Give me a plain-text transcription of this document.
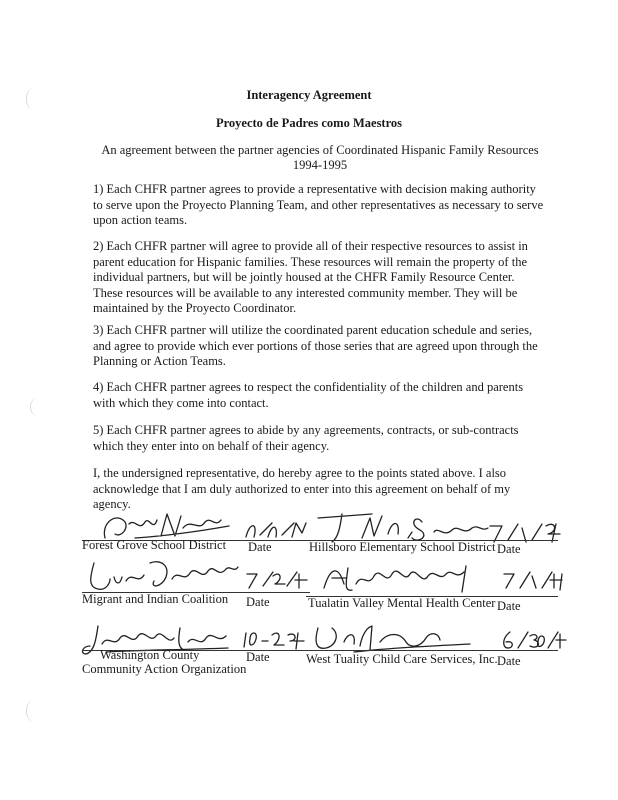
Interagency Agreement
Proyecto de Padres como Maestros
An agreement between the partner agencies of Coordinated Hispanic Family Resources
1994-1995
1) Each CHFR partner agrees to provide a representative with decision making authority
to serve upon the Proyecto Planning Team, and other representatives as necessary to serve
upon action teams.
2) Each CHFR partner will agree to provide all of their respective resources to assist in
parent education for Hispanic families. These resources will remain the property of the
individual partners, but will be jointly housed at the CHFR Family Resource Center.
These resources will be available to any interested community member. They will be
maintained by the Proyecto Coordinator.
3) Each CHFR partner will utilize the coordinated parent education schedule and series,
and agree to provide which ever portions of those series that are agreed upon through the
Planning or Action Teams.
4) Each CHFR partner agrees to respect the confidentiality of the children and parents
with which they come into contact.
5) Each CHFR partner agrees to abide by any agreements, contracts, or sub-contracts
which they enter into on behalf of their agency.
I, the undersigned representative, do hereby agree to the points stated above. I also
acknowledge that I am duly authorized to enter into this agreement on behalf of my
agency.
Forest Grove School District Date	Hillsboro Elementary School District Date
Migrant and Indian Coalition Date	Tualatin Valley Mental Health Center Date
Washington County
Community Action Organization
Date	West Tuality Child Care Services, Inc. Date
